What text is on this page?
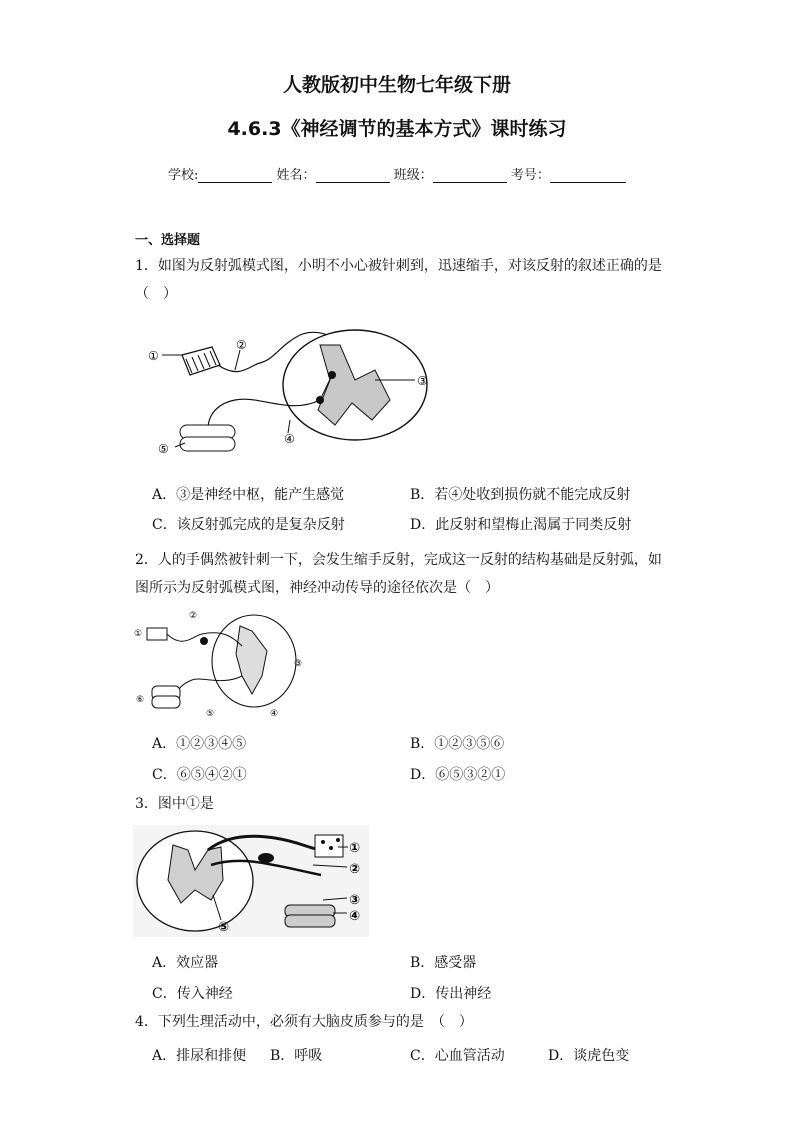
人教版初中生物七年级下册
4.6.3《神经调节的基本方式》课时练习
学校:	姓名：	班级：	考号：
一、选择题
1．如图为反射弧模式图，小明不小心被针刺到，迅速缩手，对该反射的叙述正确的是
（　）
①
②
③
④
⑤
A．③是神经中枢，能产生感觉	B．若④处收到损伤就不能完成反射
C．该反射弧完成的是复杂反射	D．此反射和望梅止渴属于同类反射
2．人的手偶然被针刺一下，会发生缩手反射，完成这一反射的结构基础是反射弧，如
图所示为反射弧模式图，神经冲动传导的途径依次是（　）
①
②
③
④
⑤
⑥
A．①②③④⑤	B．①②③⑤⑥
C．⑥⑤④②①	D．⑥⑤③②①
3．图中①是
①
②
③
④
⑤
A．效应器	B．感受器
C．传入神经	D．传出神经
4．下列生理活动中，必须有大脑皮质参与的是　（　）
A．排尿和排便 B．呼吸	C．心血管活动	D．谈虎色变
